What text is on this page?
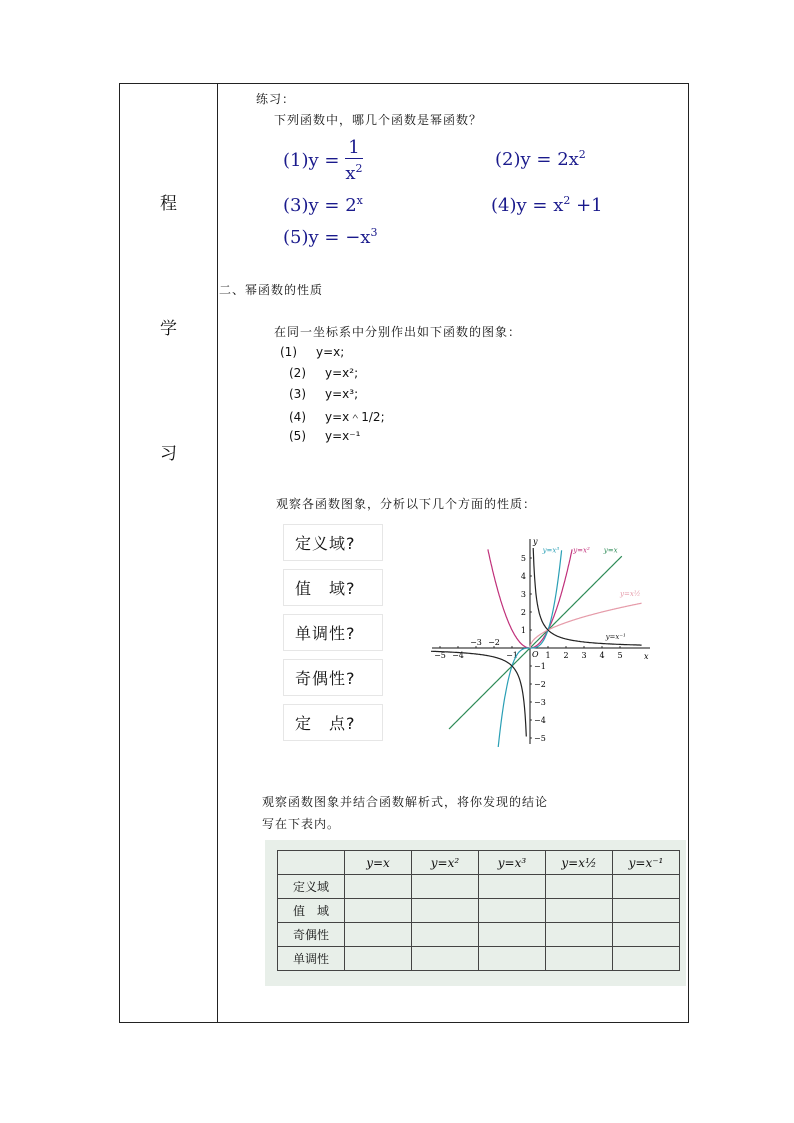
程
学
习
练习：
下列函数中，哪几个函数是幂函数？
$(1)y = \frac{1}{x^2}$	$(2)y = 2x^2$
$(3)y = 2^x$	$(4)y = x^2 +1$
$(5)y = -x^3$
二、幂函数的性质
在同一坐标系中分别作出如下函数的图象：
(1) y=x;
(2) y=x²;
(3) y=x³;
(4) y=x＾1/2;
(5) y=x⁻¹
观察各函数图象，分析以下几个方面的性质：
定义域?
值　域?
单调性?
奇偶性?
定　点?
x
y
O
−5 −4
−3 −2
−1	1 2 3 4 5
5
4
3
2
1
−1
−2
−3
−4
−5
y=x³ y=x² y=x
y=x½
y=x⁻¹
观察函数图象并结合函数解析式，将你发现的结论
写在下表内。
	y=x	y=x²	y=x³	y=x½	y=x⁻¹
定义域					
值　域					
奇偶性					
单调性					
